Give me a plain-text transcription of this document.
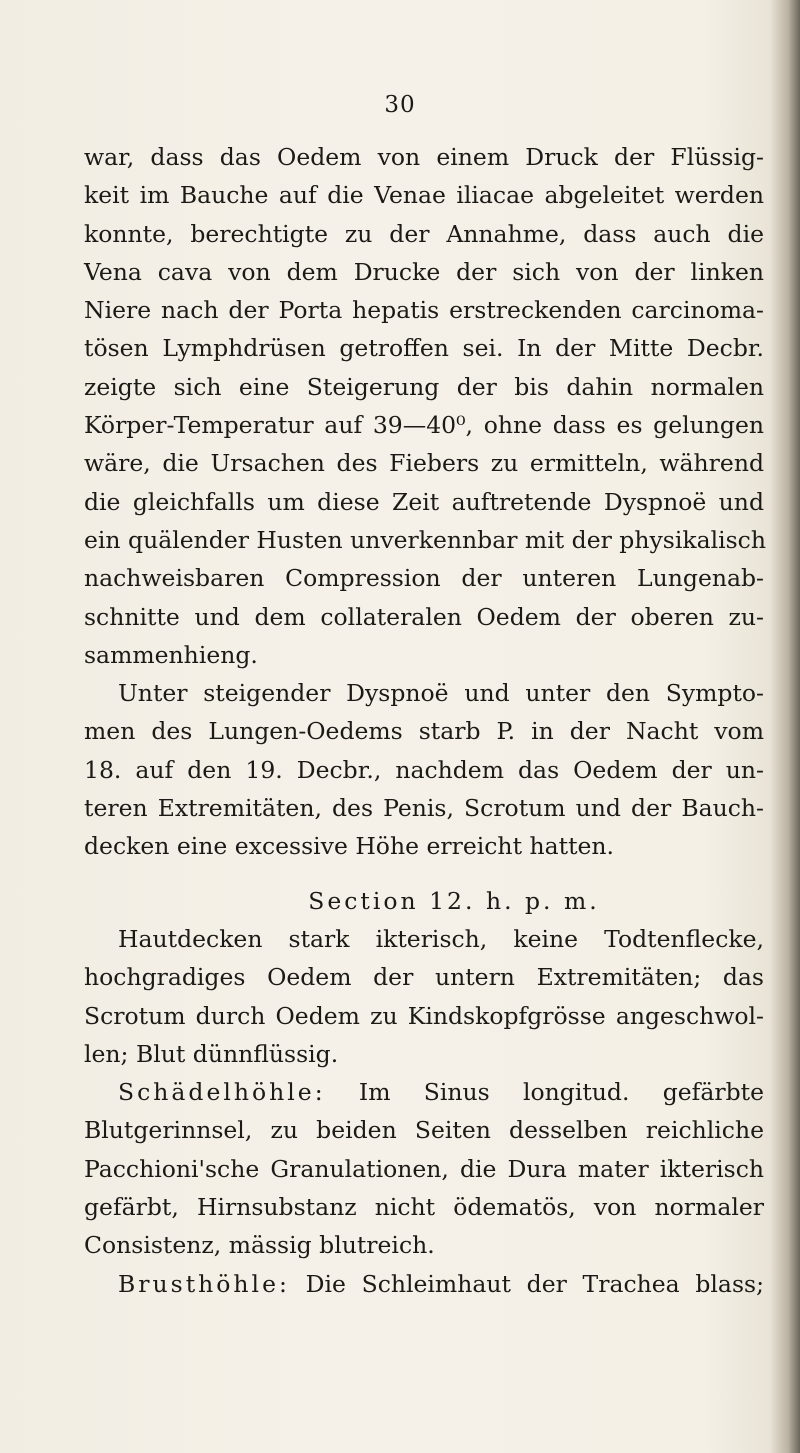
30
war, dass das Oedem von einem Druck der Flüssig-
keit im Bauche auf die Venae iliacae abgeleitet werden
konnte, berechtigte zu der Annahme, dass auch die
Vena cava von dem Drucke der sich von der linken
Niere nach der Porta hepatis erstreckenden carcinoma-
tösen Lymphdrüsen getroffen sei. In der Mitte Decbr.
zeigte sich eine Steigerung der bis dahin normalen
Körper-Temperatur auf 39—40⁰, ohne dass es gelungen
wäre, die Ursachen des Fiebers zu ermitteln, während
die gleichfalls um diese Zeit auftretende Dyspnoë und
ein quälender Husten unverkennbar mit der physikalisch
nachweisbaren Compression der unteren Lungenab-
schnitte und dem collateralen Oedem der oberen zu-
sammenhieng.
Unter steigender Dyspnoë und unter den Sympto-
men des Lungen-Oedems starb P. in der Nacht vom
18. auf den 19. Decbr., nachdem das Oedem der un-
teren Extremitäten, des Penis, Scrotum und der Bauch-
decken eine excessive Höhe erreicht hatten.
Section 12. h. p. m.
Hautdecken stark ikterisch, keine Todtenflecke,
hochgradiges Oedem der untern Extremitäten; das
Scrotum durch Oedem zu Kindskopfgrösse angeschwol-
len; Blut dünnflüssig.
Schädelhöhle: Im Sinus longitud. gefärbte
Blutgerinnsel, zu beiden Seiten desselben reichliche
Pacchioni'sche Granulationen, die Dura mater ikterisch
gefärbt, Hirnsubstanz nicht ödematös, von normaler
Consistenz, mässig blutreich.
Brusthöhle: Die Schleimhaut der Trachea blass;
